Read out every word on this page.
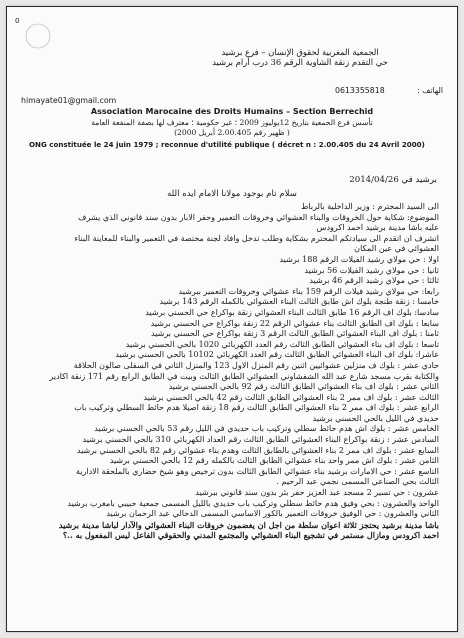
0
الجمعية المغربية لحقوق الإنسان – فرع برشيد
حي التقدم زنقة الشاوية الرقم 36 درب أرام برشيد
himayate01@gmail.com
الهاتف : 0613355818
Association Marocaine des Droits Humains – Section Berrechid
تأسس فرع الجمعية بتاريخ 12يوليوز 2009 ؛ غير حكومية ؛ معترف لها بصفة المنفعة العامة
( ظهير رقم 2.00.405 أبريل 2000)
ONG constituée le 24 juin 1979 ; reconnue d'utilité publique ( décret n : 2.00.405 du 24 Avril 2000)
برشيد في 2014/04/26
سلام تام بوجود مولانا الامام ايده الله
الى السيد المحترم : وزير الداخلية بالرباط
الموضوع: شكاية حول الخروقات والبناء العشوائي وخروقات التعمير وحفر الابار بدون سند قانوني الذي يشرف
عليه باشا مدينة برشيد احمد اكرودس
اتشرف ان اتقدم الى سيادتكم المحترم بشكاية وطلب تدخل وافاد لجنة مختصة في التعمير والبناء للمعاينة البناء
العشوائي في عين المكان
اولا : حي مولاي رشيد الفيلات الرقم 188 برشيد
ثانيا : حي مولاي رشيد الفيلات 56 برشيد
ثالثا : حي مولاي رشيد الرقم 46 برشيد
رابعا: حي مولاي رشيد فيلات الرقم 159 بناء عشوائي وخروقات التعمير ببرشيد
خامسا : زنقة طنجة بلوك اش طابق الثالث البناء العشوائي بالكمله الرقم 143 برشيد
سادسا: بلوك اف الرقم 16 طابق الثالث البناء العشوائي زنقة بواكراع حي الحسني برشيد
سابعا : بلوك اف الطابق الثالث بناء عشوائي الرقم 22 زنقة بواكراع حي الحسني برشيد
ثامنا : بلوك اف البناء العشوائي الطابق الثالث الرقم 3 زنقة بواكراع حي الحسني برشيد
تاسعا : بلوك اف بناء العشوائي الطابق الثالث رقم العدد الكهربائي 1020 بالحي الحسني برشيد
عاشرا: بلوك اف البناء العشوائي الطابق الثالث رقم العدد الكهربائي 10102 بالحي الحسني برشيد
حادي عشر : بلوك ف منزلين عشوائيين اثنين رقم المنزل الاول 123 والمنزل الثاني في السفلى صالون الحلاقة
والكتابة بقرب مسجد شارع عبد الله الشفشاوني العشوائي الطابق الثالث وبيت في الطابق الرابع رقم 171 زنقة اكادير
الثاني عشر : بلوك اف بناء العشوائي الطابق الثالث رقم 92 بالحي الحسني برشيد
الثالث عشر : بلوك اف ممر 2 بناء العشوائي الطابق الثالث رقم 42 بالحي الحسني برشيد
الرابع عشر : بلوك اف ممر 2 بناء العشوائي الطابق الثالث رقم 18 زنقة اصيلا هدم حائط السطلي وتركيب باب
حديدي في الليل بالحي الحسني برشيد
الخامس عشر : بلوك اش هدم حائط سطلي وتركيب باب حديدي في الليل رقم 53 بالحي الحسني برشيد
السادس عشر : زنقة بواكراع البناء العشوائي الطابق الثالث رقم العداد الكهربائي 310 بالحي الحسني برشيد
السابع عشر : بلوك اف ممر 2 بناء العشوائي بالطابق الثالث وهدم بناء عشوائي رقم 82 بالحي الحسني برشيد
الثامن عشر : بلوك اش ممر واحد بناء عشوائي الطابق الثالث بالكمله رقم 12 بالحي الحسني برشيد
التاسع عشر : حي الامارات برشيد بناء عشوائي الطابق الثالث بدون ترخيص وهو شيخ حضاري بالملحقة الادارية
الثالث بحي الصناعي المسمى نجمي عبد الرحيم .
عشرون : حي تسير 2 مسجد عبد العزيز حفر بئر بدون سند قانوني ببرشيد
الواحد والعشرون : بحي وفيق هدم حائط سطلي وتركيب باب حديدي بالليل المسمى جمعية حبيبي بامغرب برشيد
الثاني والعشرون : حي الوفيق خروقات التعمير بالكور الاساسي المسمى الدحالي عبد الرحمان برشيد
باشا مدينة برشيد يحتجز ثلاثة اعوان سلطة من اجل ان يغضمون خروقات البناء العشوائي والآدار لباشا مدينة برشيد
احمد اكرودس ومازال مستمر في تشجيع البناء العشوائي والمجتمع المدني والحقوقي الفاعل ليس المفعول به ..؟
